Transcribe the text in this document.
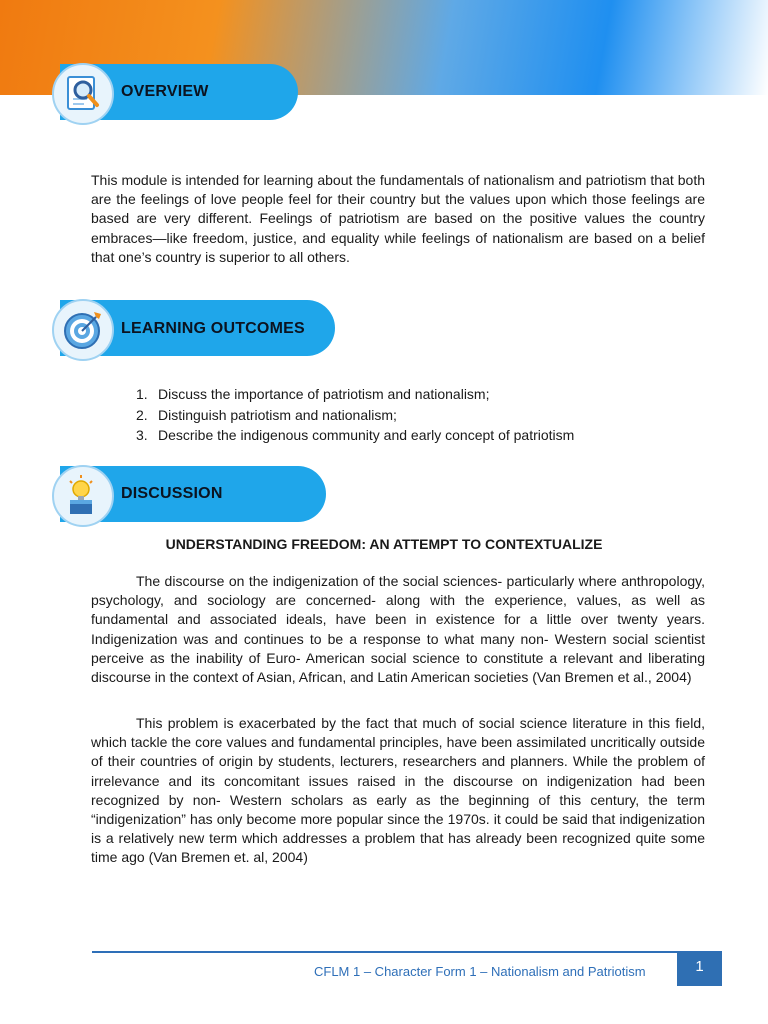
OVERVIEW

This module is intended for learning about the fundamentals of nationalism and patriotism that both are the feelings of love people feel for their country but the values upon which those feelings are based are very different. Feelings of patriotism are based on the positive values the country embraces—like freedom, justice, and equality while feelings of nationalism are based on a belief that one’s country is superior to all others.

LEARNING OUTCOMES
1. Discuss the importance of patriotism and nationalism;
2. Distinguish patriotism and nationalism;
3. Describe the indigenous community and early concept of patriotism
DISCUSSION
UNDERSTANDING FREEDOM: AN ATTEMPT TO CONTEXTUALIZE

The discourse on the indigenization of the social sciences- particularly where anthropology, psychology, and sociology are concerned- along with the experience, values, as well as fundamental and associated ideals, have been in existence for a little over twenty years. Indigenization was and continues to be a response to what many non- Western social scientist perceive as the inability of Euro- American social science to constitute a relevant and liberating discourse in the context of Asian, African, and Latin American societies (Van Bremen et al., 2004)

This problem is exacerbated by the fact that much of social science literature in this field, which tackle the core values and fundamental principles, have been assimilated uncritically outside of their countries of origin by students, lecturers, researchers and planners. While the problem of irrelevance and its concomitant issues raised in the discourse on indigenization had been recognized by non- Western scholars as early as the beginning of this century, the term “indigenization” has only become more popular since the 1970s. it could be said that indigenization is a relatively new term which addresses a problem that has already been recognized quite some time ago (Van Bremen et. al, 2004)

CFLM 1 – Character Form 1 – Nationalism and Patriotism	1
